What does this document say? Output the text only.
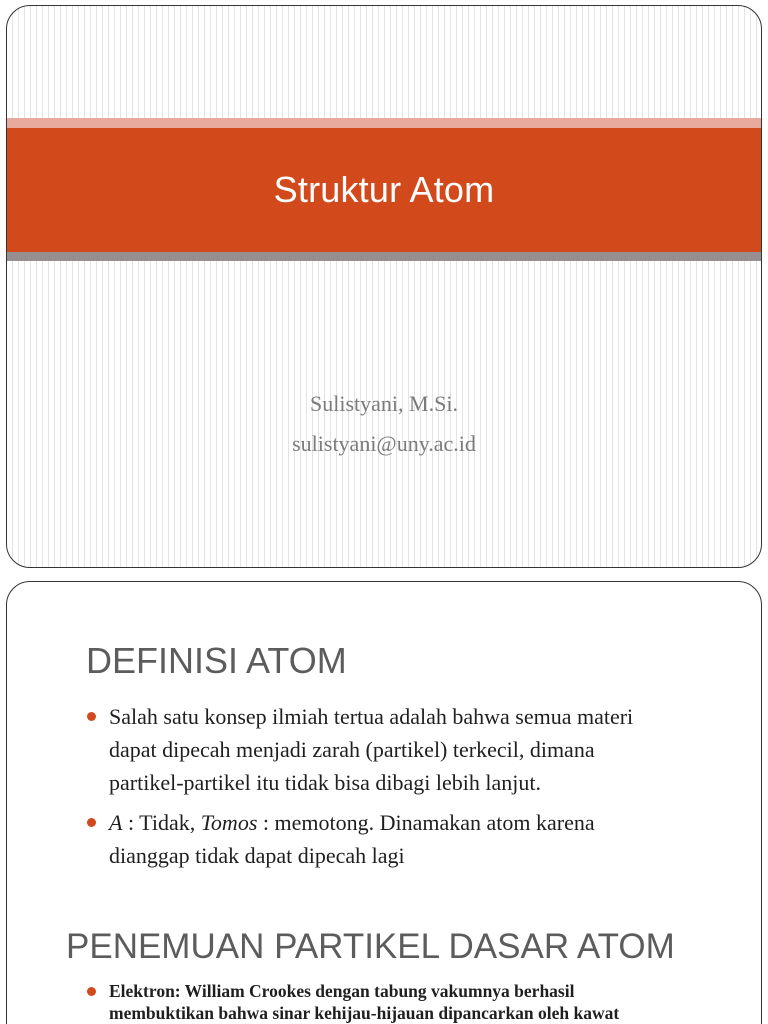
Struktur Atom
Sulistyani, M.Si.
sulistyani@uny.ac.id
DEFINISI ATOM
Salah satu konsep ilmiah tertua adalah bahwa semua materi
dapat dipecah menjadi zarah (partikel) terkecil, dimana
partikel-partikel itu tidak bisa dibagi lebih lanjut.
A : Tidak, Tomos : memotong. Dinamakan atom karena
dianggap tidak dapat dipecah lagi
PENEMUAN PARTIKEL DASAR ATOM
Elektron: William Crookes dengan tabung vakumnya berhasil
membuktikan bahwa sinar kehijau-hijauan dipancarkan oleh kawat
